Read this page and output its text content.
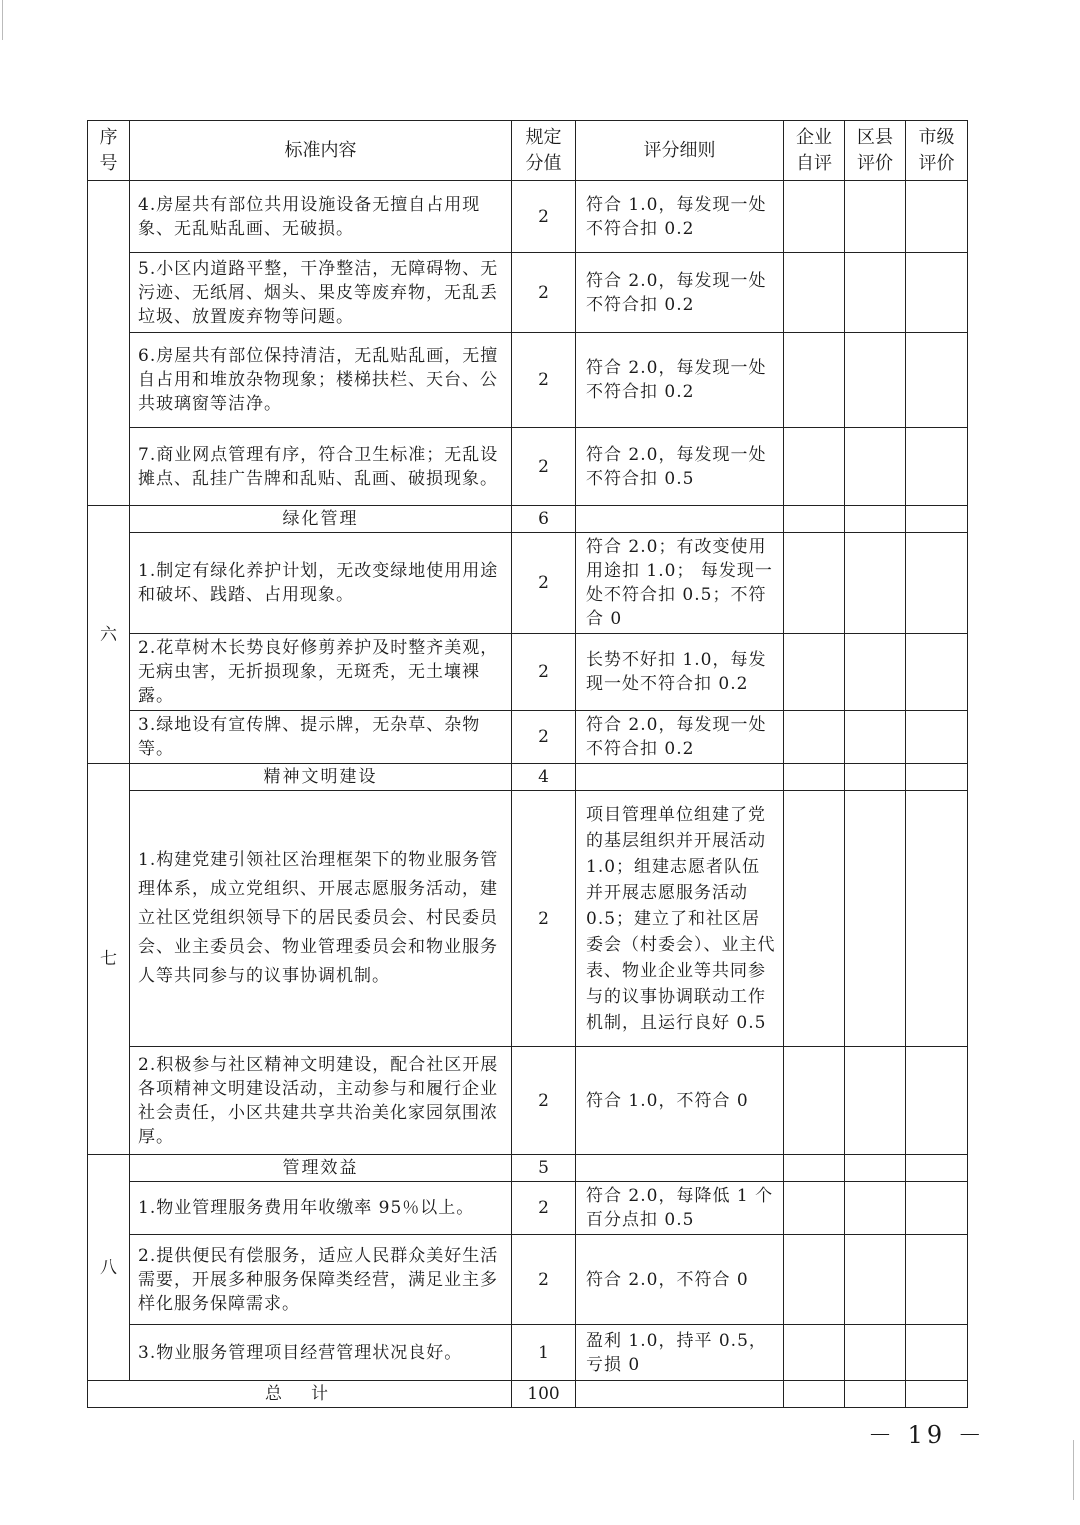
序号	标准内容	规定分值	评分细则	企业自评	区县评价	市级评价
	4.房屋共有部位共用设施设备无擅自占用现象、无乱贴乱画、无破损。	2	符合 1.0，每发现一处不符合扣 0.2			
	5.小区内道路平整，干净整洁，无障碍物、无污迹、无纸屑、烟头、果皮等废弃物，无乱丢垃圾、放置废弃物等问题。	2	符合 2.0，每发现一处不符合扣 0.2			
	6.房屋共有部位保持清洁，无乱贴乱画，无擅自占用和堆放杂物现象；楼梯扶栏、天台、公共玻璃窗等洁净。	2	符合 2.0，每发现一处不符合扣 0.2			
	7.商业网点管理有序，符合卫生标准；无乱设摊点、乱挂广告牌和乱贴、乱画、破损现象。	2	符合 2.0，每发现一处不符合扣 0.5			
六	绿化管理	6				
	1.制定有绿化养护计划，无改变绿地使用用途和破坏、践踏、占用现象。	2	符合 2.0；有改变使用用途扣 1.0； 每发现一处不符合扣 0.5；不符合 0			
	2.花草树木长势良好修剪养护及时整齐美观，无病虫害，无折损现象，无斑秃，无土壤裸露。	2	长势不好扣 1.0，每发现一处不符合扣 0.2			
	3.绿地设有宣传牌、提示牌，无杂草、杂物等。	2	符合 2.0，每发现一处不符合扣 0.2			
七	精神文明建设	4				
	1.构建党建引领社区治理框架下的物业服务管理体系，成立党组织、开展志愿服务活动，建立社区党组织领导下的居民委员会、村民委员会、业主委员会、物业管理委员会和物业服务人等共同参与的议事协调机制。	2	项目管理单位组建了党的基层组织并开展活动 1.0；组建志愿者队伍并开展志愿服务活动 0.5；建立了和社区居委会（村委会）、业主代表、物业企业等共同参与的议事协调联动工作机制，且运行良好 0.5			
	2.积极参与社区精神文明建设，配合社区开展各项精神文明建设活动，主动参与和履行企业社会责任，小区共建共享共治美化家园氛围浓厚。	2	符合 1.0，不符合 0			
八	管理效益	5				
	1.物业管理服务费用年收缴率 95％以上。	2	符合 2.0，每降低 1 个百分点扣 0.5			
	2.提供便民有偿服务，适应人民群众美好生活需要，开展多种服务保障类经营，满足业主多样化服务保障需求。	2	符合 2.0，不符合 0			
	3.物业服务管理项目经营管理状况良好。	1	盈利 1.0，持平 0.5，亏损 0			
总　计		100				
－ 19 －
